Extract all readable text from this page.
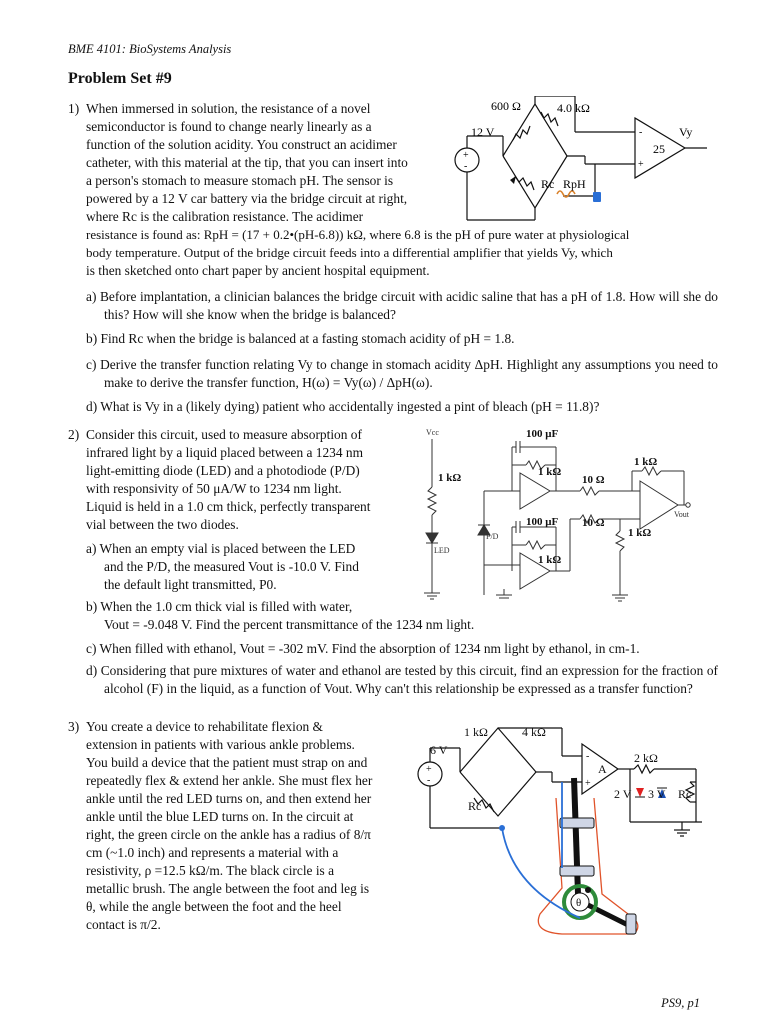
BME 4101: BioSystems Analysis
Problem Set #9
1) When immersed in solution, the resistance of a novel
semiconductor is found to change nearly linearly as a
function of the solution acidity. You construct an acidimer
catheter, with this material at the tip, that you can insert into
a person's stomach to measure stomach pH. The sensor is
powered by a 12 V car battery via the bridge circuit at right,
where Rc is the calibration resistance. The acidimer
resistance is found as: RpH = (17 + 0.2•(pH-6.8)) kΩ, where 6.8 is the pH of pure water at physiological
body temperature. Output of the bridge circuit feeds into a differential amplifier that yields Vy, which
is then sketched onto chart paper by ancient hospital equipment.
a) Before implantation, a clinician balances the bridge circuit with acidic saline that has a pH of 1.8. How will she do this? How will she know when the bridge is balanced?
b) Find Rc when the bridge is balanced at a fasting stomach acidity of pH = 1.8.
c) Derive the transfer function relating Vy to change in stomach acidity ΔpH. Highlight any assumptions you need to make to derive the transfer function, H(ω) = Vy(ω) / ΔpH(ω).
d) What is Vy in a (likely dying) patient who accidentally ingested a pint of bleach (pH = 11.8)?
600 Ω	4.0 kΩ
12 V
25
Rc RpH
Vy
+
-
-
+
2) Consider this circuit, used to measure absorption of
infrared light by a liquid placed between a 1234 nm
light-emitting diode (LED) and a photodiode (P/D)
with responsivity of 50 μA/W to 1234 nm light.
Liquid is held in a 1.0 cm thick, perfectly transparent
vial between the two diodes.
a) When an empty vial is placed between the LED
and the P/D, the measured Vout is -10.0 V. Find
the default light transmitted, P0.
b) When the 1.0 cm thick vial is filled with water,
Vout = -9.048 V. Find the percent transmittance of the 1234 nm light.
c) When filled with ethanol, Vout = -302 mV. Find the absorption of 1234 nm light by ethanol, in cm-1.
d) Considering that pure mixtures of water and ethanol are tested by this circuit, find an expression for the fraction of alcohol (F) in the liquid, as a function of Vout. Why can't this relationship be expressed as a transfer function?
Vcc
LED
P/D
Vout
100 μF
1 kΩ	1 kΩ
10 Ω
1 kΩ
100 μF 10 Ω
1 kΩ
1 kΩ
3) You create a device to rehabilitate flexion &
extension in patients with various ankle problems.
You build a device that the patient must strap on and
repeatedly flex & extend her ankle. She must flex her
ankle until the red LED turns on, and then extend her
ankle until the blue LED turns on. In the circuit at
right, the green circle on the ankle has a radius of 8/π
cm (~1.0 inch) and represents a material with a
resistivity, ρ =12.5 kΩ/m. The black circle is a
metallic brush. The angle between the foot and leg is
θ, while the angle between the foot and the heel
contact is π/2.
1 kΩ	4 kΩ
6 V
A
2 kΩ
2 V 3 V Rc
Rc
θ
+
-
-
+
PS9, p1
